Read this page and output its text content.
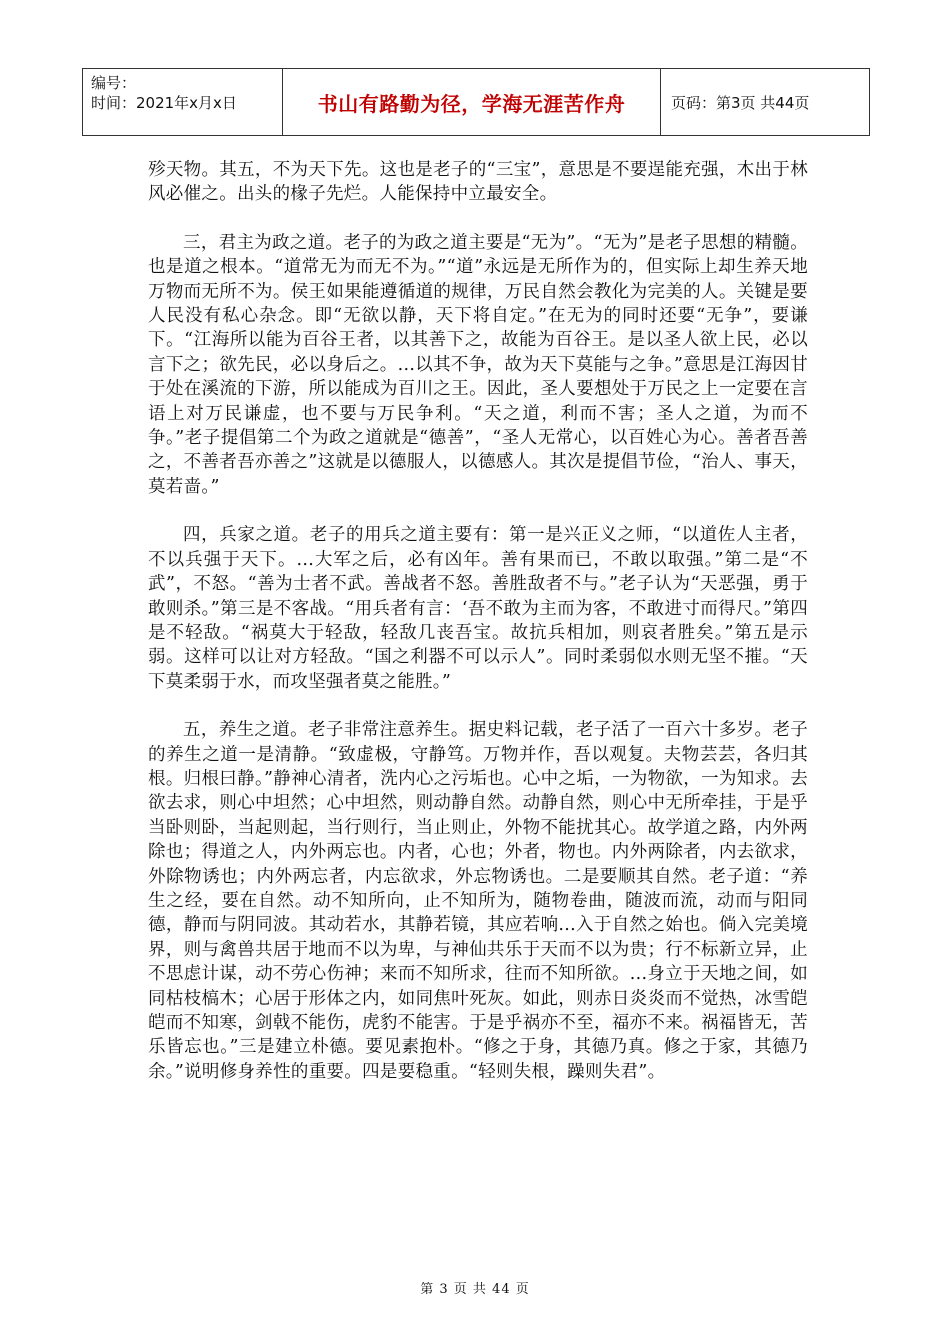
编号：
时间：2021年x月x日	书山有路勤为径，学海无涯苦作舟	页码：第3页 共44页

殄天物。其五，不为天下先。这也是老子的“三宝”，意思是不要逞能充强，木出于林风必催之。出头的椽子先烂。人能保持中立最安全。

三，君主为政之道。老子的为政之道主要是“无为”。“无为”是老子思想的精髓。也是道之根本。“道常无为而无不为。”“道”永远是无所作为的，但实际上却生养天地万物而无所不为。侯王如果能遵循道的规律，万民自然会教化为完美的人。关键是要人民没有私心杂念。即“无欲以静，天下将自定。”在无为的同时还要“无争”，要谦下。“江海所以能为百谷王者，以其善下之，故能为百谷王。是以圣人欲上民，必以言下之；欲先民，必以身后之。...以其不争，故为天下莫能与之争。”意思是江海因甘于处在溪流的下游，所以能成为百川之王。因此，圣人要想处于万民之上一定要在言语上对万民谦虚，也不要与万民争利。“天之道，利而不害；圣人之道，为而不争。”老子提倡第二个为政之道就是“德善”，“圣人无常心，以百姓心为心。善者吾善之，不善者吾亦善之”这就是以德服人，以德感人。其次是提倡节俭，“治人、事天，莫若啬。”

四，兵家之道。老子的用兵之道主要有：第一是兴正义之师，“以道佐人主者，不以兵强于天下。...大军之后，必有凶年。善有果而已，不敢以取强。”第二是“不武”，不怒。“善为士者不武。善战者不怒。善胜敌者不与。”老子认为“天恶强，勇于敢则杀。”第三是不客战。“用兵者有言：‘吾不敢为主而为客，不敢进寸而得尺。”第四是不轻敌。“祸莫大于轻敌，轻敌几丧吾宝。故抗兵相加，则哀者胜矣。”第五是示弱。这样可以让对方轻敌。“国之利器不可以示人”。同时柔弱似水则无坚不摧。“天下莫柔弱于水，而攻坚强者莫之能胜。”

五，养生之道。老子非常注意养生。据史料记载，老子活了一百六十多岁。老子的养生之道一是清静。“致虚极，守静笃。万物并作，吾以观复。夫物芸芸，各归其根。归根曰静。”静神心清者，洗内心之污垢也。心中之垢，一为物欲，一为知求。去欲去求，则心中坦然；心中坦然，则动静自然。动静自然，则心中无所牵挂，于是乎当卧则卧，当起则起，当行则行，当止则止，外物不能扰其心。故学道之路，内外两除也；得道之人，内外两忘也。内者，心也；外者，物也。内外两除者，内去欲求，外除物诱也；内外两忘者，内忘欲求，外忘物诱也。二是要顺其自然。老子道：“养生之经，要在自然。动不知所向，止不知所为，随物卷曲，随波而流，动而与阳同德，静而与阴同波。其动若水，其静若镜，其应若响...入于自然之始也。倘入完美境界，则与禽兽共居于地而不以为卑，与神仙共乐于天而不以为贵；行不标新立异，止不思虑计谋，动不劳心伤神；来而不知所求，往而不知所欲。...身立于天地之间，如同枯枝槁木；心居于形体之内，如同焦叶死灰。如此，则赤日炎炎而不觉热，冰雪皑皑而不知寒，剑戟不能伤，虎豹不能害。于是乎祸亦不至，福亦不来。祸福皆无，苦乐皆忘也。”三是建立朴德。要见素抱朴。“修之于身，其德乃真。修之于家，其德乃余。”说明修身养性的重要。四是要稳重。“轻则失根，躁则失君”。

第 3 页 共 44 页
